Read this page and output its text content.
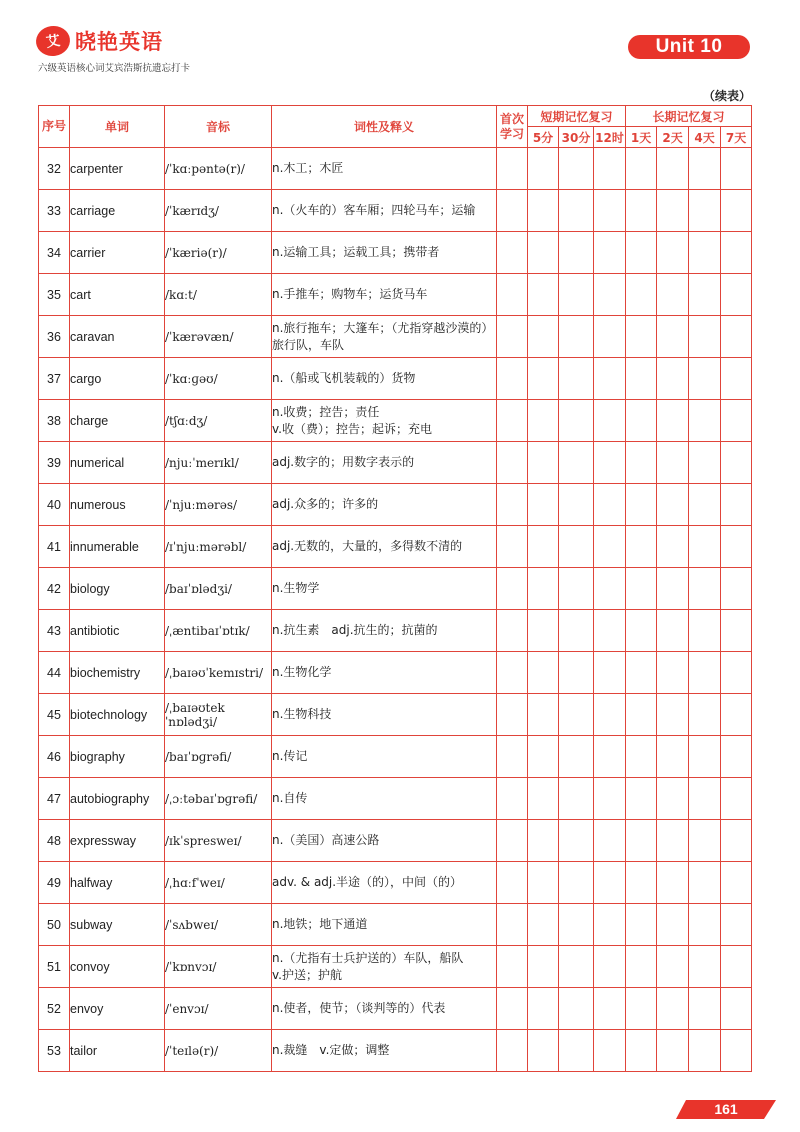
艾 晓艳英语
六级英语核心词艾宾浩斯抗遗忘打卡
Unit 10
（续表）
序号	单词	音标	词性及释义	首次学习	短期记忆复习			长期记忆复习			
					5分	30分	12时	1天	2天	4天	7天
32	carpenter	/ˈkɑːpəntə(r)/	n.木工；木匠								

33	carriage	/ˈkærɪdʒ/	n.（火车的）客车厢；四轮马车；运输								

34	carrier	/ˈkæriə(r)/	n.运输工具；运载工具；携带者								

35	cart	/kɑːt/	n.手推车；购物车；运货马车								

36	caravan	/ˈkærəvæn/	n.旅行拖车；大篷车；（尤指穿越沙漠的）旅行队，车队								

37	cargo	/ˈkɑːɡəʊ/	n.（船或飞机装载的）货物								

38	charge	/tʃɑːdʒ/	n.收费；控告；责任
v.收（费）；控告；起诉；充电								

39	numerical	/njuːˈmerɪkl/	adj.数字的；用数字表示的								

40	numerous	/ˈnjuːmərəs/	adj.众多的；许多的								

41	innumerable	/ɪˈnjuːmərəbl/	adj.无数的，大量的，多得数不清的								

42	biology	/baɪˈɒlədʒi/	n.生物学								

43	antibiotic	/ˌæntibaɪˈɒtɪk/	n.抗生素　adj.抗生的；抗菌的								

44	biochemistry	/ˌbaɪəʊˈkemɪstri/	n.生物化学								

45	biotechnology	/ˌbaɪəʊtekˈnɒlədʒi/	n.生物科技								

46	biography	/baɪˈɒɡrəfi/	n.传记								

47	autobiography	/ˌɔːtəbaɪˈɒɡrəfi/	n.自传								

48	expressway	/ɪkˈspresweɪ/	n.（美国）高速公路								

49	halfway	/ˌhɑːfˈweɪ/	adv. & adj.半途（的），中间（的）								

50	subway	/ˈsʌbweɪ/	n.地铁；地下通道								

51	convoy	/ˈkɒnvɔɪ/	n.（尤指有士兵护送的）车队，船队
v.护送；护航								

52	envoy	/ˈenvɔɪ/	n.使者，使节；（谈判等的）代表								

53	tailor	/ˈteɪlə(r)/	n.裁缝　v.定做；调整								

161
